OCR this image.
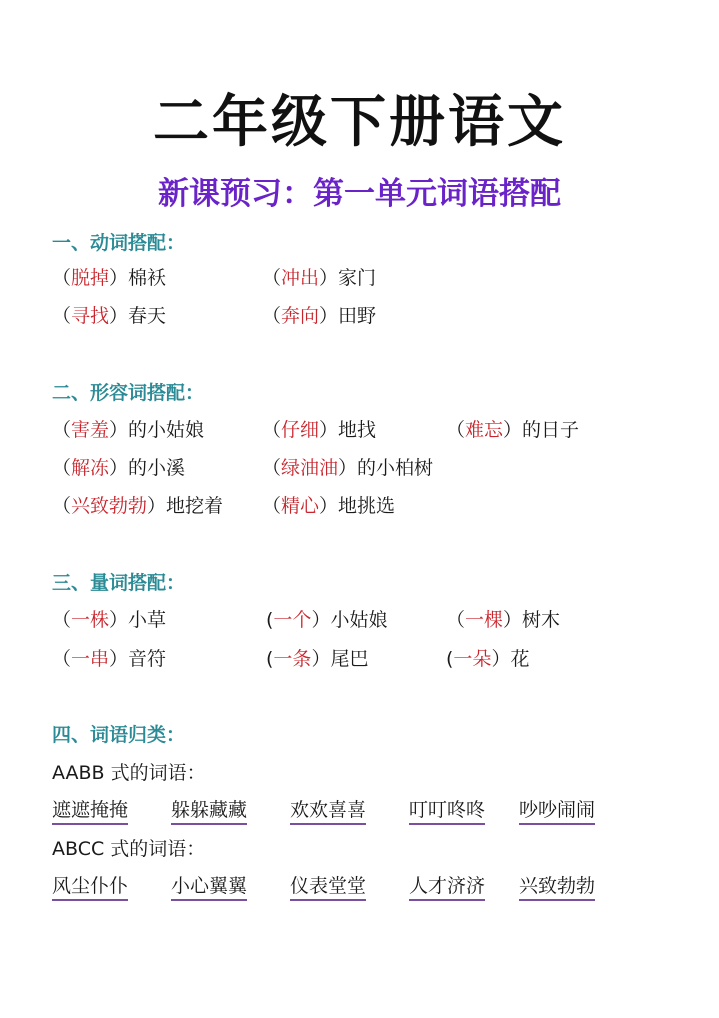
二年级下册语文
新课预习：第一单元词语搭配
一、动词搭配：
（脱掉）棉袄	（冲出）家门
（寻找）春天	（奔向）田野
二、形容词搭配：
（害羞）的小姑娘	（仔细）地找	（难忘）的日子
（解冻）的小溪	（绿油油）的小柏树
（兴致勃勃）地挖着 （精心）地挑选
三、量词搭配：
（一株）小草	(一个）小姑娘	（一棵）树木
（一串）音符	(一条）尾巴	(一朵）花
四、词语归类：
AABB 式的词语：
遮遮掩掩 躲躲藏藏 欢欢喜喜 叮叮咚咚 吵吵闹闹
ABCC 式的词语：
风尘仆仆 小心翼翼 仪表堂堂 人才济济 兴致勃勃
